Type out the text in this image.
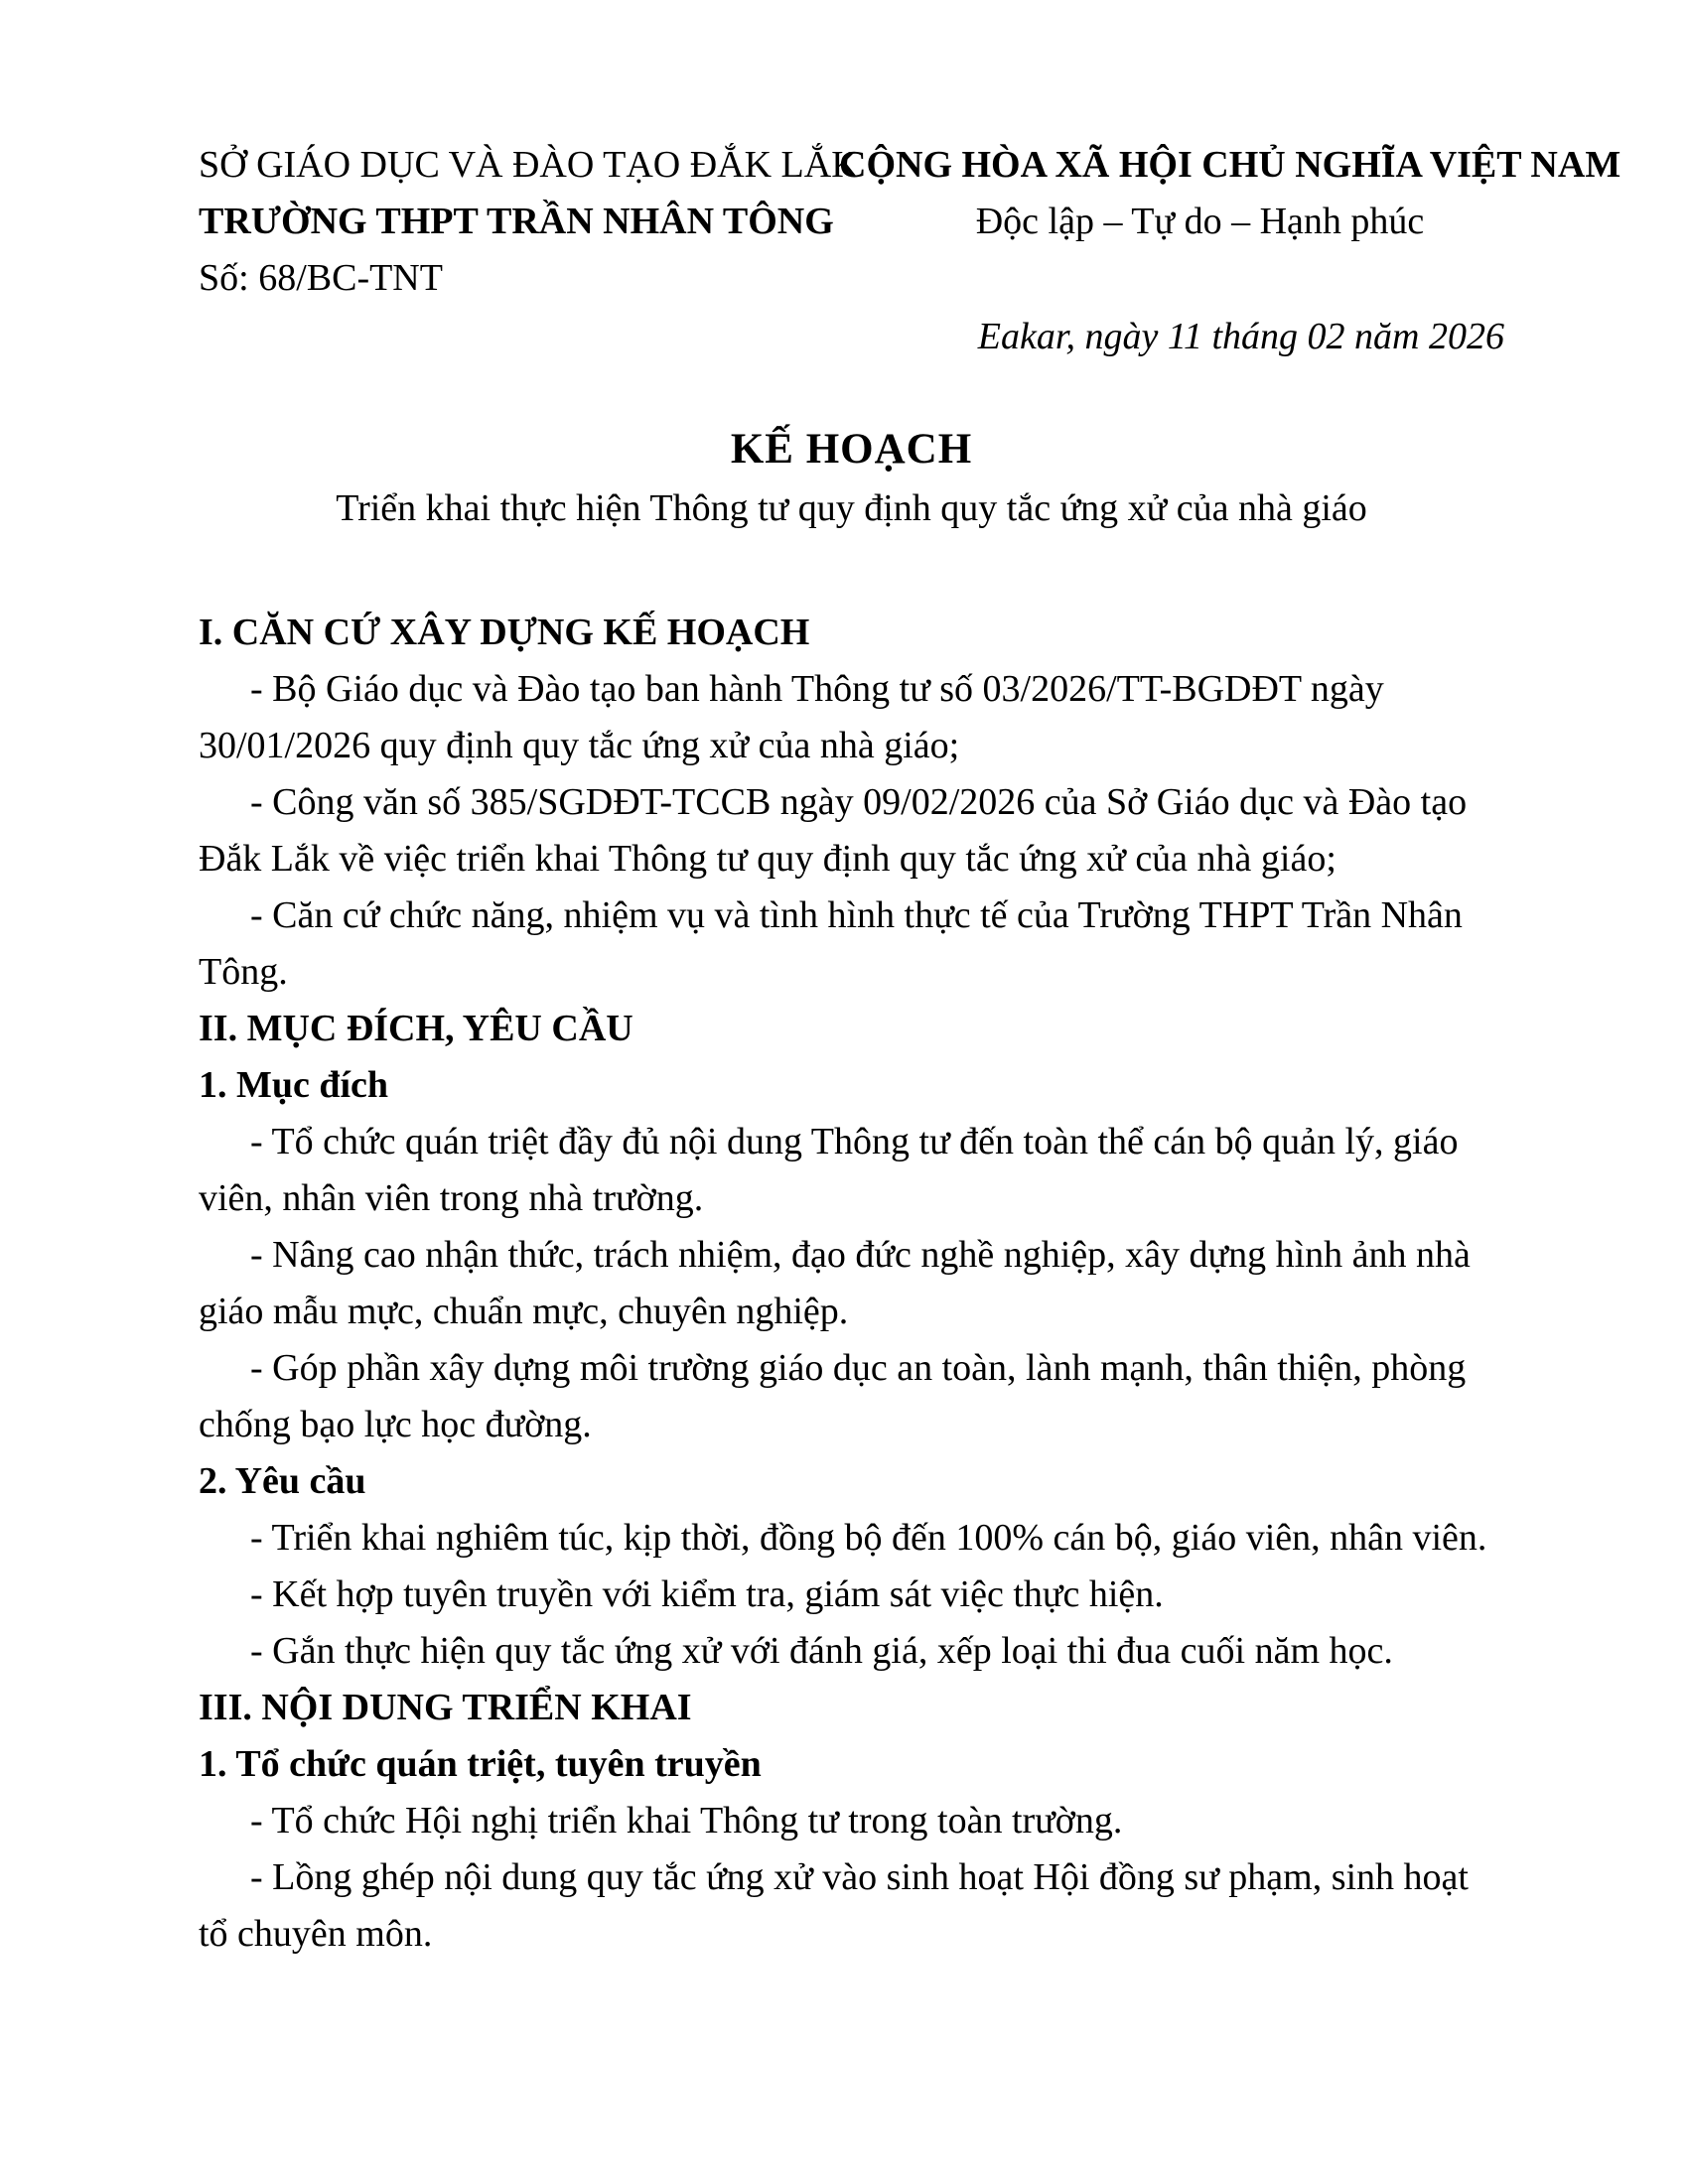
SỞ GIÁO DỤC VÀ ĐÀO TẠO ĐẮK LẮK
TRƯỜNG THPT TRẦN NHÂN TÔNG
Số: 68/BC-TNT
CỘNG HÒA XÃ HỘI CHỦ NGHĨA VIỆT NAM
Độc lập – Tự do – Hạnh phúc
Eakar, ngày 11 tháng 02 năm 2026
KẾ HOẠCH
Triển khai thực hiện Thông tư quy định quy tắc ứng xử của nhà giáo

I. CĂN CỨ XÂY DỰNG KẾ HOẠCH

- Bộ Giáo dục và Đào tạo ban hành Thông tư số 03/2026/TT-BGDĐT ngày 30/01/2026 quy định quy tắc ứng xử của nhà giáo;

- Công văn số 385/SGDĐT-TCCB ngày 09/02/2026 của Sở Giáo dục và Đào tạo Đắk Lắk về việc triển khai Thông tư quy định quy tắc ứng xử của nhà giáo;

- Căn cứ chức năng, nhiệm vụ và tình hình thực tế của Trường THPT Trần Nhân Tông.

II. MỤC ĐÍCH, YÊU CẦU

1. Mục đích

- Tổ chức quán triệt đầy đủ nội dung Thông tư đến toàn thể cán bộ quản lý, giáo viên, nhân viên trong nhà trường.

- Nâng cao nhận thức, trách nhiệm, đạo đức nghề nghiệp, xây dựng hình ảnh nhà giáo mẫu mực, chuẩn mực, chuyên nghiệp.

- Góp phần xây dựng môi trường giáo dục an toàn, lành mạnh, thân thiện, phòng chống bạo lực học đường.

2. Yêu cầu

- Triển khai nghiêm túc, kịp thời, đồng bộ đến 100% cán bộ, giáo viên, nhân viên.

- Kết hợp tuyên truyền với kiểm tra, giám sát việc thực hiện.

- Gắn thực hiện quy tắc ứng xử với đánh giá, xếp loại thi đua cuối năm học.

III. NỘI DUNG TRIỂN KHAI

1. Tổ chức quán triệt, tuyên truyền

- Tổ chức Hội nghị triển khai Thông tư trong toàn trường.

- Lồng ghép nội dung quy tắc ứng xử vào sinh hoạt Hội đồng sư phạm, sinh hoạt tổ chuyên môn.
